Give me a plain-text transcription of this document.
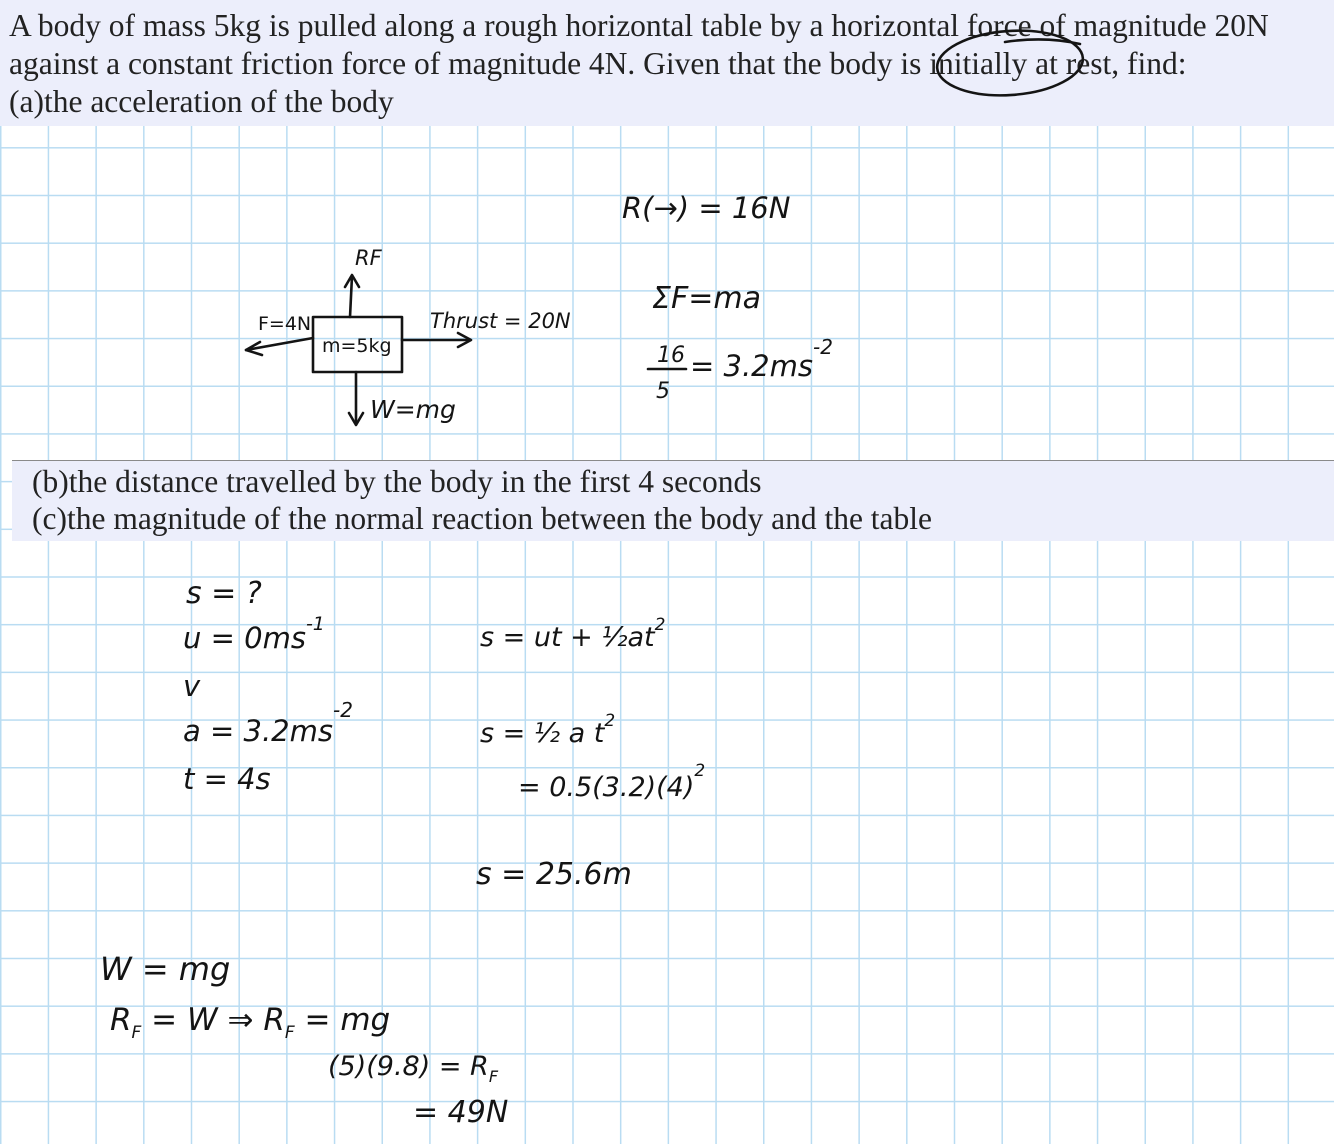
A body of mass 5kg is pulled along a rough horizontal table by a horizontal force of magnitude 20N
against a constant friction force of magnitude 4N. Given that the body is initially at rest, find:
(a)the acceleration of the body
(b)the distance travelled by the body in the first 4 seconds
(c)the magnitude of the normal reaction between the body and the table
m=5kg
F=4N	Thrust = 20N
RF
W=mg
R(→) = 16N
ΣF=ma
16
5
= $3.2ms^{-2}$
s = ?
$u = 0ms^{-1}$
v
$a = 3.2ms^{-2}$
t = 4s
s = ut + $\frac{1}{2}at^2$
s = ½ a $t^2$
= $0.5(3.2)(4)^2$
s = 25.6m
W = mg
$R_F = W$ ⇒ $R_F$ = mg
$(5)(9.8) = R_F$
= 49N
